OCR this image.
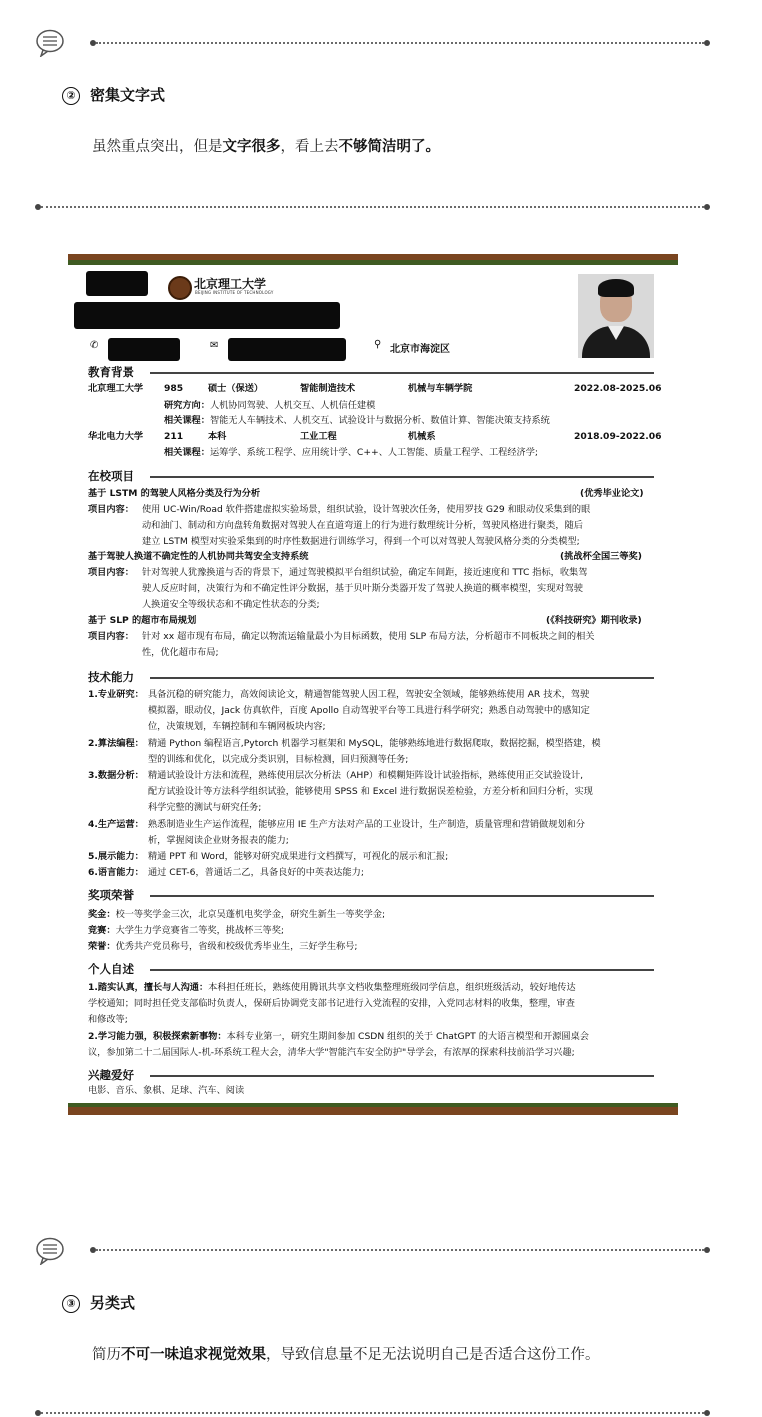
② 密集文字式
虽然重点突出，但是文字很多，看上去不够简洁明了。
北京理工大学
BEIJING INSTITUTE OF TECHNOLOGY
✆	✉	⚲ 北京市海淀区
教育背景
北京理工大学 985	硕士（保送）	智能制造技术	机械与车辆学院	2022.08-2025.06
研究方向：人机协同驾驶、人机交互、人机信任建模
相关课程：智能无人车辆技术、人机交互、试验设计与数据分析、数值计算、智能决策支持系统
华北电力大学 211	本科	工业工程	机械系	2018.09-2022.06
相关课程：运筹学、系统工程学、应用统计学、C++、人工智能、质量工程学、工程经济学;
在校项目
基于 LSTM 的驾驶人风格分类及行为分析	(优秀毕业论文)
项目内容： 使用 UC-Win/Road 软件搭建虚拟实验场景，组织试验，设计驾驶次任务，使用罗技 G29 和眼动仪采集到的眼
动和油门、制动和方向盘转角数据对驾驶人在直道弯道上的行为进行数理统计分析，驾驶风格进行聚类，随后
建立 LSTM 模型对实验采集到的时序性数据进行训练学习，得到一个可以对驾驶人驾驶风格分类的分类模型;
基于驾驶人换道不确定性的人机协同共驾安全支持系统	(挑战杯全国三等奖)
项目内容： 针对驾驶人犹豫换道与否的背景下，通过驾驶模拟平台组织试验，确定车间距，接近速度和 TTC 指标，收集驾
驶人反应时间，决策行为和不确定性评分数据，基于贝叶斯分类器开发了驾驶人换道的概率模型，实现对驾驶
人换道安全等级状态和不确定性状态的分类;
基于 SLP 的超市布局规划	(《科技研究》期刊收录)
项目内容： 针对 xx 超市现有布局，确定以物流运输量最小为目标函数，使用 SLP 布局方法，分析超市不同板块之间的相关
性，优化超市布局;
技术能力
1.专业研究： 具备沉稳的研究能力，高效阅读论文，精通智能驾驶人因工程，驾驶安全领域，能够熟练使用 AR 技术，驾驶
模拟器，眼动仪，Jack 仿真软件，百度 Apollo 自动驾驶平台等工具进行科学研究；熟悉自动驾驶中的感知定
位，决策规划，车辆控制和车辆网板块内容;
2.算法编程： 精通 Python 编程语言,Pytorch 机器学习框架和 MySQL，能够熟练地进行数据爬取，数据挖掘，模型搭建，模
型的训练和优化，以完成分类识别，目标检测，回归预测等任务;
3.数据分析： 精通试验设计方法和流程，熟练使用层次分析法（AHP）和模糊矩阵设计试验指标，熟练使用正交试验设计,
配方试验设计等方法科学组织试验，能够使用 SPSS 和 Excel 进行数据误差检验，方差分析和回归分析，实现
科学完整的测试与研究任务;
4.生产运营： 熟悉制造业生产运作流程，能够应用 IE 生产方法对产品的工业设计，生产制造，质量管理和营销做规划和分
析，掌握阅读企业财务报表的能力;
5.展示能力： 精通 PPT 和 Word，能够对研究成果进行文档撰写，可视化的展示和汇报;
6.语言能力： 通过 CET-6，普通话二乙，具备良好的中英表达能力;
奖项荣誉
奖金：校一等奖学金三次，北京吴蓬机电奖学金，研究生新生一等奖学金;
竞赛：大学生力学竞赛省二等奖，挑战杯三等奖;
荣誉：优秀共产党员称号，省级和校级优秀毕业生，三好学生称号;
个人自述
1.踏实认真，擅长与人沟通：本科担任班长，熟练使用腾讯共享文档收集整理班级同学信息，组织班级活动，较好地传达
学校通知；同时担任党支部临时负责人，保研后协调党支部书记进行入党流程的安排，入党同志材料的收集，整理，审查
和修改等;
2.学习能力强，积极探索新事物：本科专业第一，研究生期间参加 CSDN 组织的关于 ChatGPT 的大语言模型和开源圆桌会
议，参加第二十二届国际人-机-环系统工程大会，清华大学"智能汽车安全防护"导学会，有浓厚的探索科技前沿学习兴趣;
兴趣爱好
电影、音乐、象棋、足球、汽车、阅读
③ 另类式
简历不可一味追求视觉效果，导致信息量不足无法说明自己是否适合这份工作。
